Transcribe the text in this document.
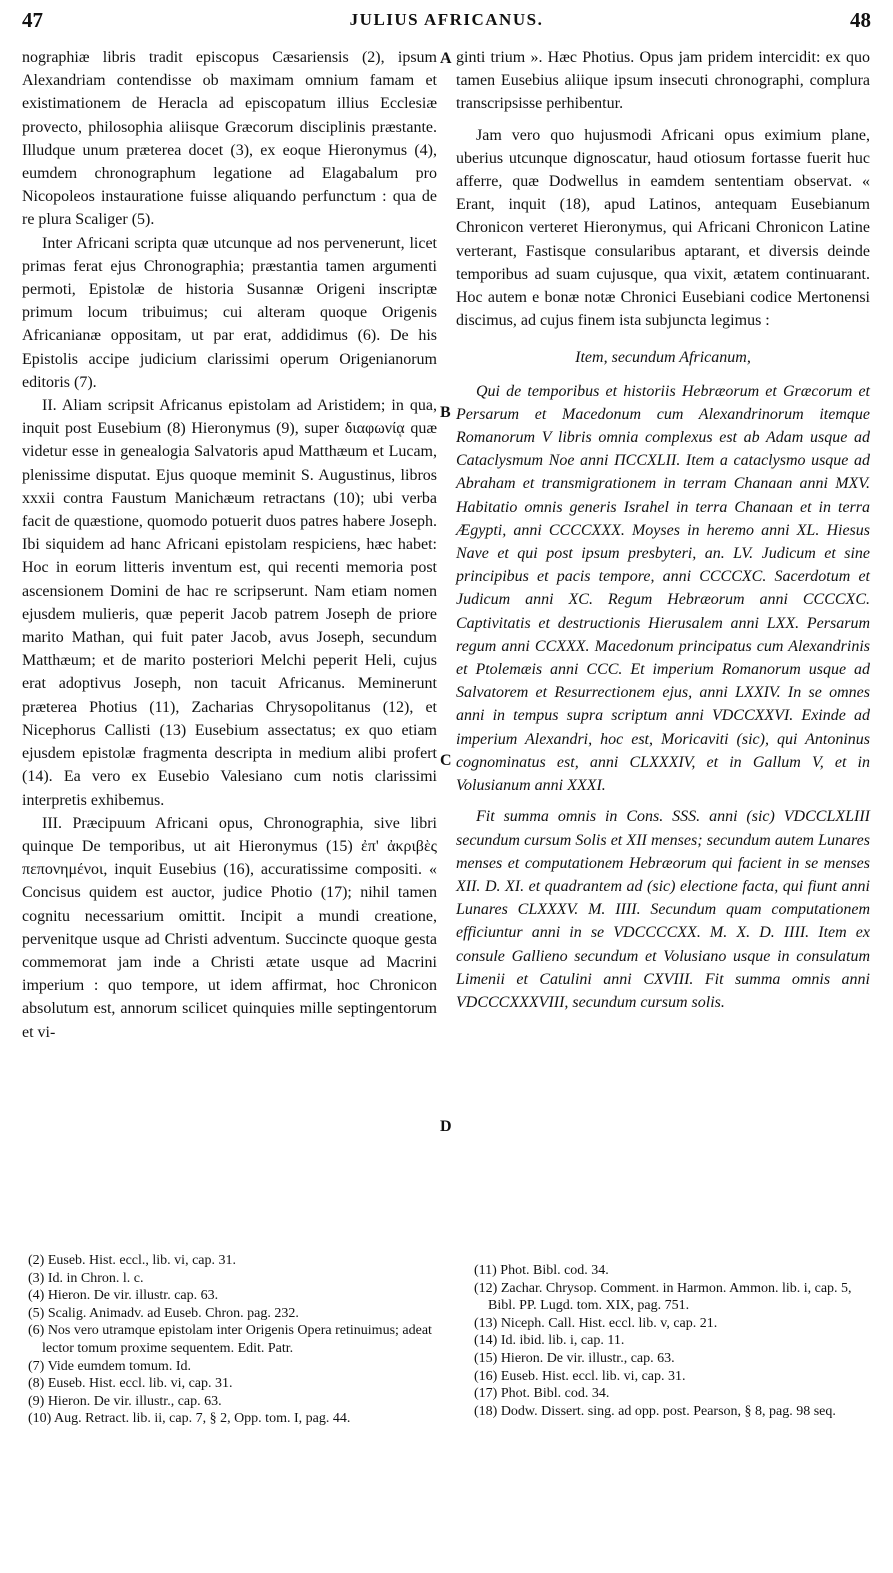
47	JULIUS AFRICANUS.	48

nographiæ libris tradit episcopus Cæsariensis (2), ipsum Alexandriam contendisse ob maximam omnium famam et existimationem de Heracla ad episcopatum illius Ecclesiæ provecto, philosophia aliisque Græcorum disciplinis præstante. Illudque unum præterea docet (3), ex eoque Hieronymus (4), eumdem chronographum legatione ad Elagabalum pro Nicopoleos instauratione fuisse aliquando perfunctum : qua de re plura Scaliger (5).

Inter Africani scripta quæ utcunque ad nos pervenerunt, licet primas ferat ejus Chronographia; præstantia tamen argumenti permoti, Epistolæ de historia Susannæ Origeni inscriptæ primum locum tribuimus; cui alteram quoque Origenis Africanianæ oppositam, ut par erat, addidimus (6). De his Epistolis accipe judicium clarissimi operum Origenianorum editoris (7).

II. Aliam scripsit Africanus epistolam ad Aristidem; in qua, inquit post Eusebium (8) Hieronymus (9), super διαφωνίᾳ quæ videtur esse in genealogia Salvatoris apud Matthæum et Lucam, plenissime disputat. Ejus quoque meminit S. Augustinus, libros xxxii contra Faustum Manichæum retractans (10); ubi verba facit de quæstione, quomodo potuerit duos patres habere Joseph. Ibi siquidem ad hanc Africani epistolam respiciens, hæc habet: Hoc in eorum litteris inventum est, qui recenti memoria post ascensionem Domini de hac re scripserunt. Nam etiam nomen ejusdem mulieris, quæ peperit Jacob patrem Joseph de priore marito Mathan, qui fuit pater Jacob, avus Joseph, secundum Matthæum; et de marito posteriori Melchi peperit Heli, cujus erat adoptivus Joseph, non tacuit Africanus. Meminerunt præterea Photius (11), Zacharias Chrysopolitanus (12), et Nicephorus Callisti (13) Eusebium assectatus; ex quo etiam ejusdem epistolæ fragmenta descripta in medium alibi profert (14). Ea vero ex Eusebio Valesiano cum notis clarissimi interpretis exhibemus.

III. Præcipuum Africani opus, Chronographia, sive libri quinque De temporibus, ut ait Hieronymus (15) ἐπ' ἀκριβὲς πεπονημένοι, inquit Eusebius (16), accuratissime compositi. « Concisus quidem est auctor, judice Photio (17); nihil tamen cognitu necessarium omittit. Incipit a mundi creatione, pervenitque usque ad Christi adventum. Succincte quoque gesta commemorat jam inde a Christi ætate usque ad Macrini imperium : quo tempore, ut idem affirmat, hoc Chronicon absolutum est, annorum scilicet quinquies mille septingentorum et vi-

A
B
C
D

ginti trium ». Hæc Photius. Opus jam pridem intercidit: ex quo tamen Eusebius aliique ipsum insecuti chronographi, complura transcripsisse perhibentur.

Jam vero quo hujusmodi Africani opus eximium plane, uberius utcunque dignoscatur, haud otiosum fortasse fuerit huc afferre, quæ Dodwellus in eamdem sententiam observat. « Erant, inquit (18), apud Latinos, antequam Eusebianum Chronicon verteret Hieronymus, qui Africani Chronicon Latine verterant, Fastisque consularibus aptarant, et diversis deinde temporibus ad suam cujusque, qua vixit, ætatem continuarant. Hoc autem e bonæ notæ Chronici Eusebiani codice Mertonensi discimus, ad cujus finem ista subjuncta legimus :

Item, secundum Africanum,

Qui de temporibus et historiis Hebræorum et Græcorum et Persarum et Macedonum cum Alexandrinorum itemque Romanorum V libris omnia complexus est ab Adam usque ad Cataclysmum Noe anni ΠCCXLII. Item a cataclysmo usque ad Abraham et transmigrationem in terram Chanaan anni MXV. Habitatio omnis generis Israhel in terra Chanaan et in terra Ægypti, anni CCCCXXX. Moyses in heremo anni XL. Hiesus Nave et qui post ipsum presbyteri, an. LV. Judicum et sine principibus et pacis tempore, anni CCCCXC. Sacerdotum et Judicum anni XC. Regum Hebræorum anni CCCCXC. Captivitatis et destructionis Hierusalem anni LXX. Persarum regum anni CCXXX. Macedonum principatus cum Alexandrinis et Ptolemæis anni CCC. Et imperium Romanorum usque ad Salvatorem et Resurrectionem ejus, anni LXXIV. In se omnes anni in tempus supra scriptum anni VDCCXXVI. Exinde ad imperium Alexandri, hoc est, Moricaviti (sic), qui Antoninus cognominatus est, anni CLXXXIV, et in Gallum V, et in Volusianum anni XXXI.

Fit summa omnis in Cons. SSS. anni (sic) VDCCLXLIII secundum cursum Solis et XII menses; secundum autem Lunares menses et computationem Hebræorum qui facient in se menses XII. D. XI. et quadrantem ad (sic) electione facta, qui fiunt anni Lunares CLXXXV. M. IIII. Secundum quam computationem efficiuntur anni in se VDCCCCXX. M. X. D. IIII. Item ex consule Gallieno secundum et Volusiano usque in consulatum Limenii et Catulini anni CXVIII. Fit summa omnis anni VDCCCXXXVIII, secundum cursum solis.

(2) Euseb. Hist. eccl., lib. vi, cap. 31.

(3) Id. in Chron. l. c.

(4) Hieron. De vir. illustr. cap. 63.

(5) Scalig. Animadv. ad Euseb. Chron. pag. 232.

(6) Nos vero utramque epistolam inter Origenis Opera retinuimus; adeat lector tomum proxime sequentem. Edit. Patr.

(7) Vide eumdem tomum. Id.

(8) Euseb. Hist. eccl. lib. vi, cap. 31.

(9) Hieron. De vir. illustr., cap. 63.

(10) Aug. Retract. lib. ii, cap. 7, § 2, Opp. tom. I, pag. 44.

(11) Phot. Bibl. cod. 34.

(12) Zachar. Chrysop. Comment. in Harmon. Ammon. lib. i, cap. 5, Bibl. PP. Lugd. tom. XIX, pag. 751.

(13) Niceph. Call. Hist. eccl. lib. v, cap. 21.

(14) Id. ibid. lib. i, cap. 11.

(15) Hieron. De vir. illustr., cap. 63.

(16) Euseb. Hist. eccl. lib. vi, cap. 31.

(17) Phot. Bibl. cod. 34.

(18) Dodw. Dissert. sing. ad opp. post. Pearson, § 8, pag. 98 seq.
